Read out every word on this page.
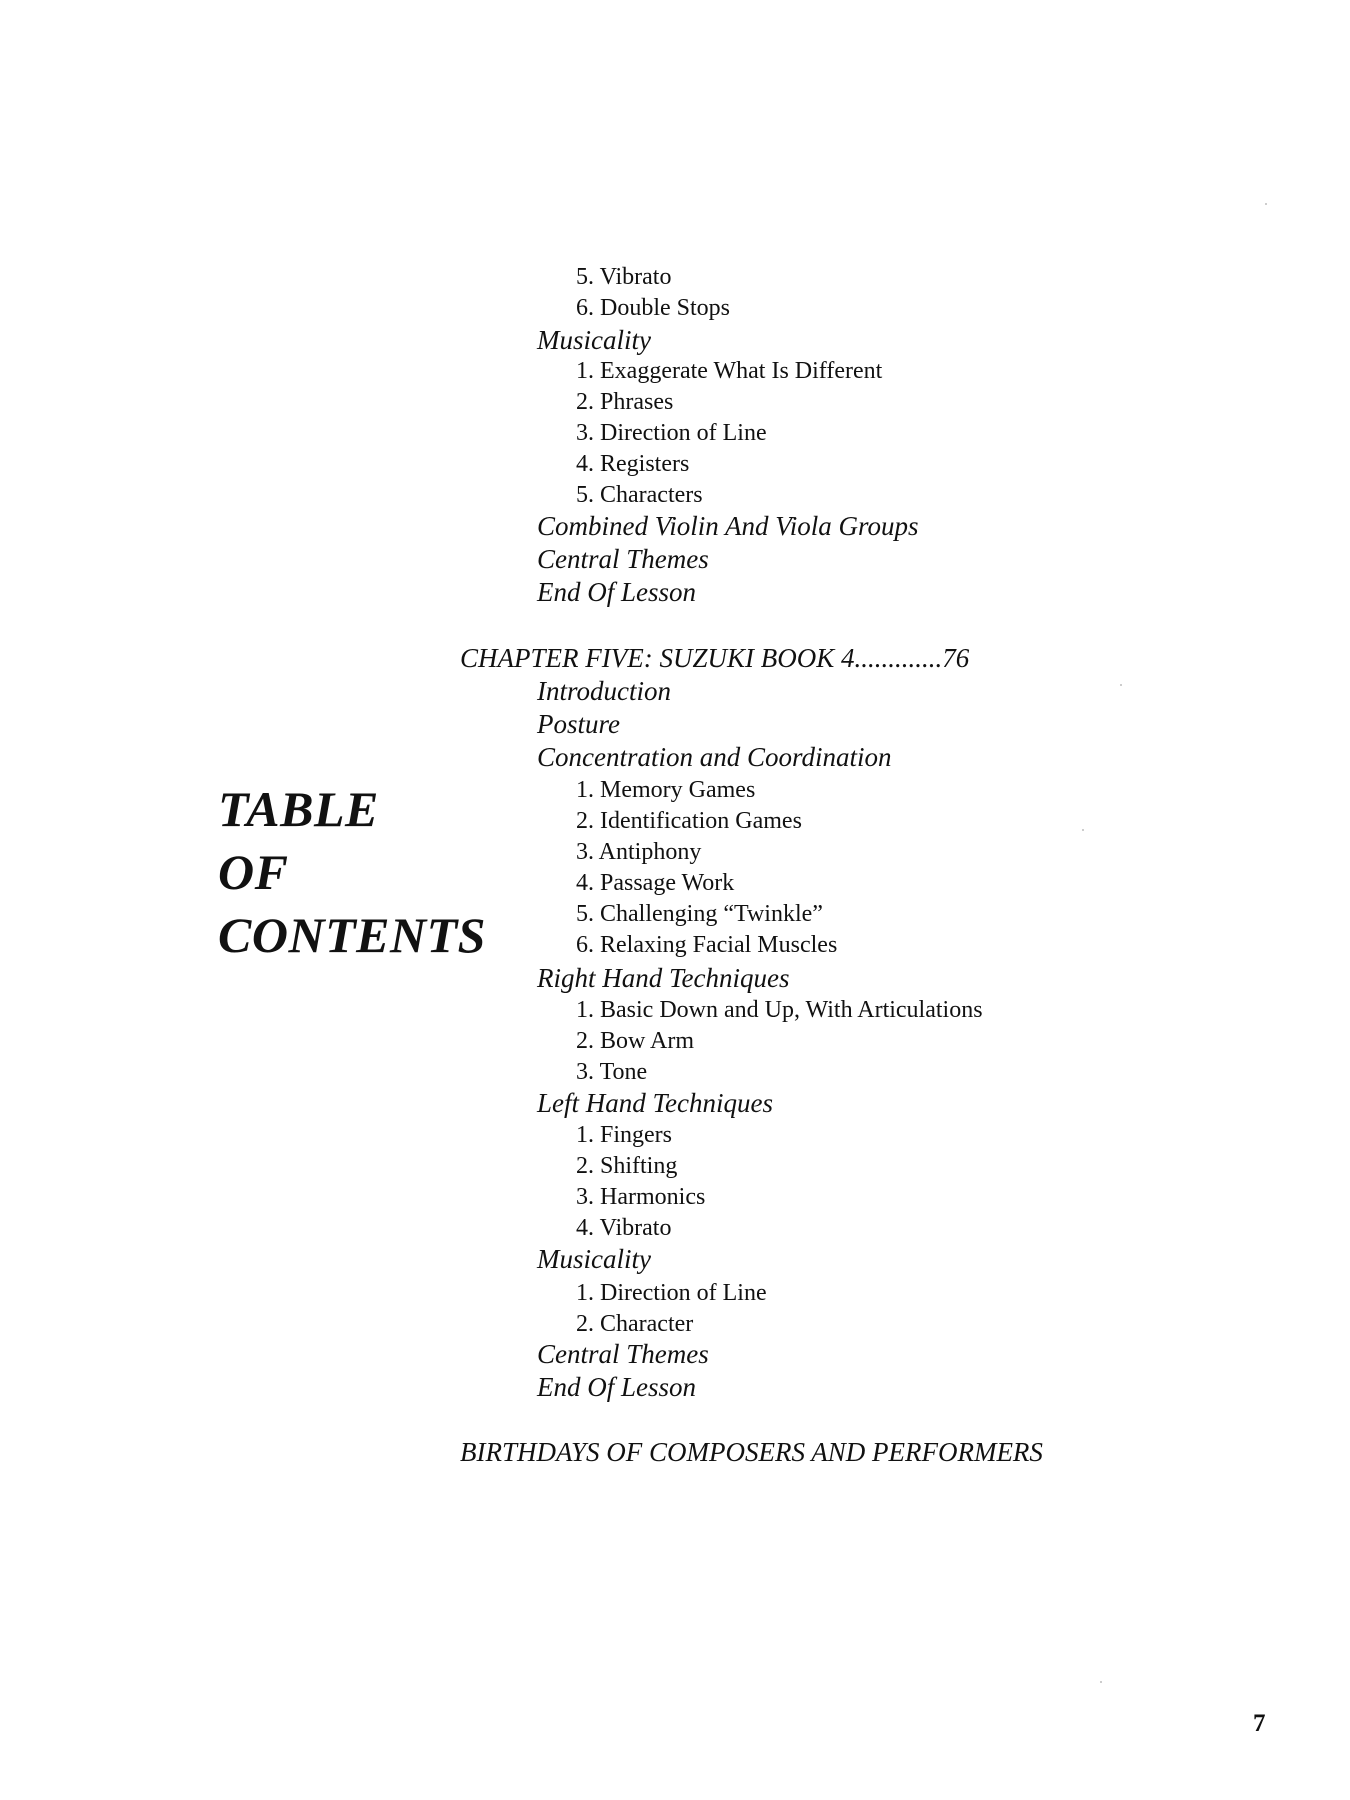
TABLE
OF
CONTENTS
5. Vibrato
6. Double Stops
Musicality
1. Exaggerate What Is Different
2. Phrases
3. Direction of Line
4. Registers
5. Characters
Combined Violin And Viola Groups
Central Themes
End Of Lesson
CHAPTER FIVE: SUZUKI BOOK 4.............76
Introduction
Posture
Concentration and Coordination
1. Memory Games
2. Identification Games
3. Antiphony
4. Passage Work
5. Challenging “Twinkle”
6. Relaxing Facial Muscles
Right Hand Techniques
1. Basic Down and Up, With Articulations
2. Bow Arm
3. Tone
Left Hand Techniques
1. Fingers
2. Shifting
3. Harmonics
4. Vibrato
Musicality
1. Direction of Line
2. Character
Central Themes
End Of Lesson
BIRTHDAYS OF COMPOSERS AND PERFORMERS
7
